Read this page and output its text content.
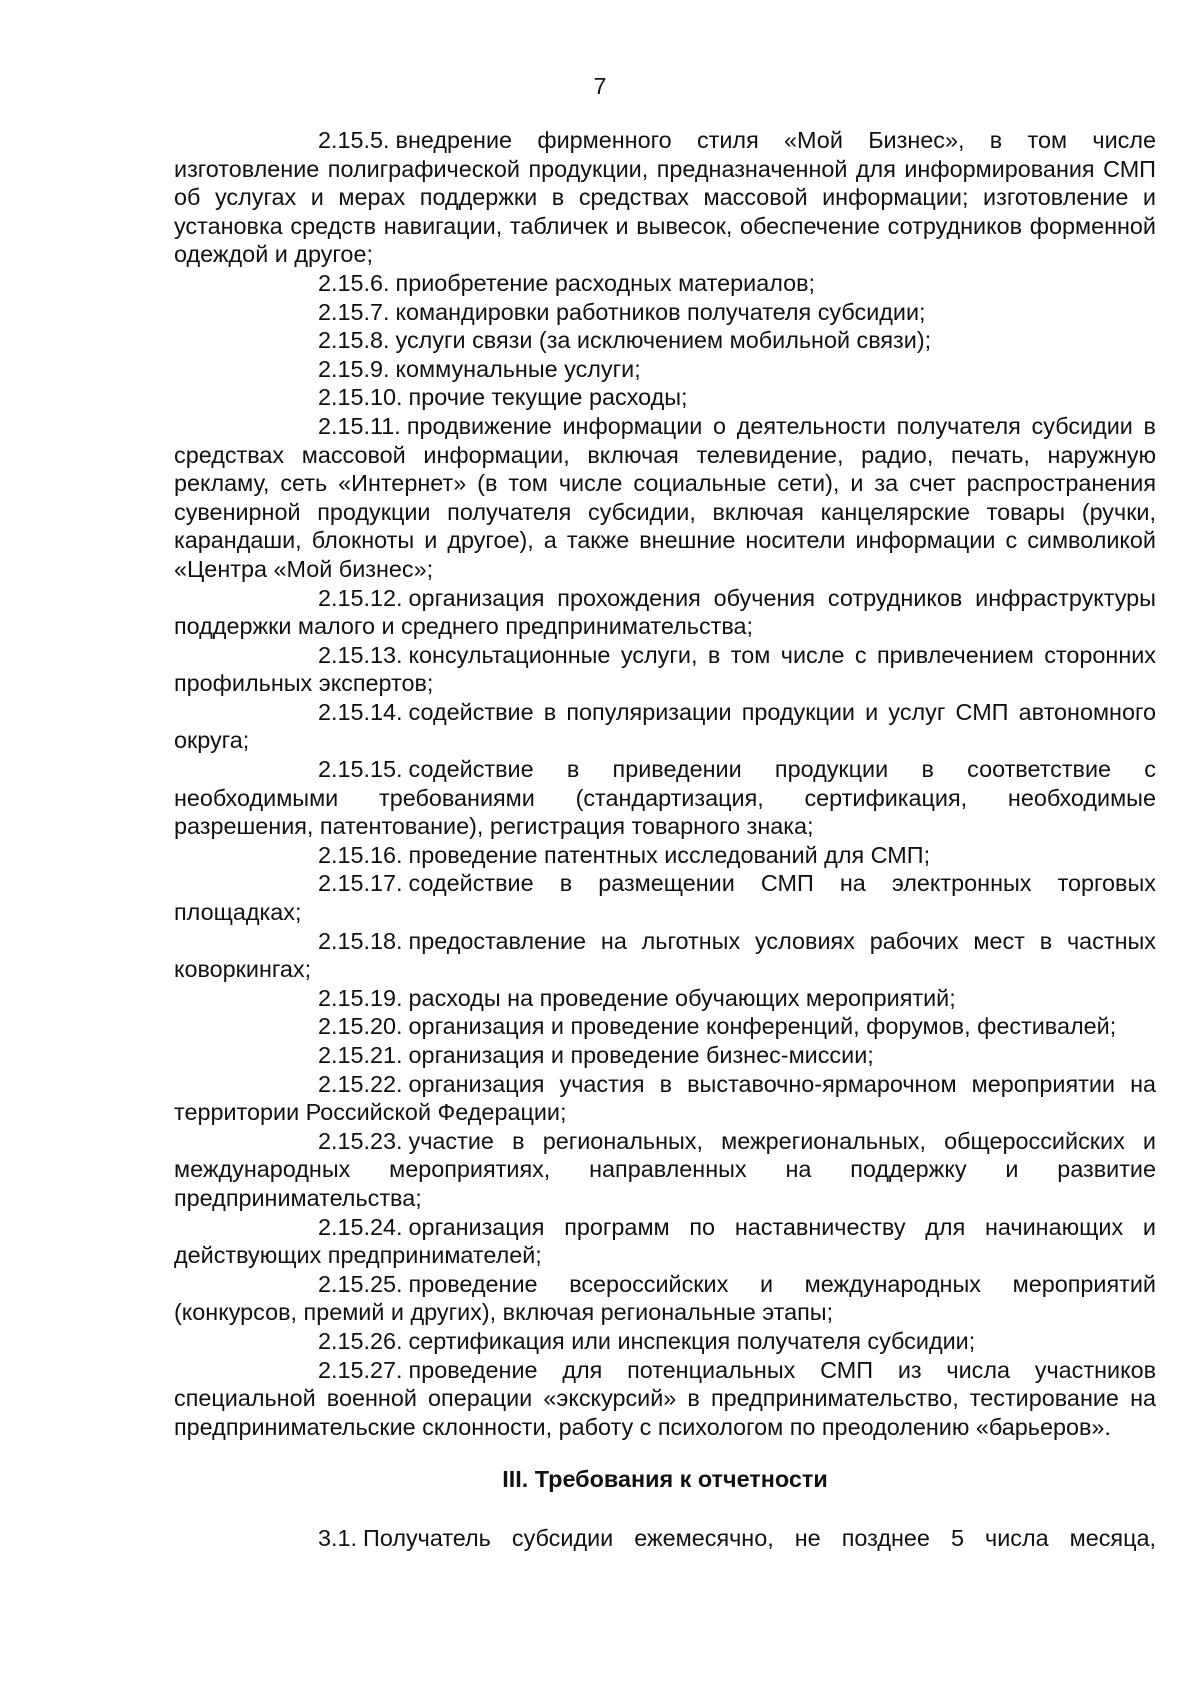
7

2.15.5. внедрение фирменного стиля «Мой Бизнес», в том числе изготовление полиграфической продукции, предназначенной для информирования СМП об услугах и мерах поддержки в средствах массовой информации; изготовление и установка средств навигации, табличек и вывесок, обеспечение сотрудников форменной одеждой и другое;

2.15.6. приобретение расходных материалов;

2.15.7. командировки работников получателя субсидии;

2.15.8. услуги связи (за исключением мобильной связи);

2.15.9. коммунальные услуги;

2.15.10. прочие текущие расходы;

2.15.11. продвижение информации о деятельности получателя субсидии в средствах массовой информации, включая телевидение, радио, печать, наружную рекламу, сеть «Интернет» (в том числе социальные сети), и за счет распространения сувенирной продукции получателя субсидии, включая канцелярские товары (ручки, карандаши, блокноты и другое), а также внешние носители информации с символикой «Центра «Мой бизнес»;

2.15.12. организация прохождения обучения сотрудников инфраструктуры поддержки малого и среднего предпринимательства;

2.15.13. консультационные услуги, в том числе с привлечением сторонних профильных экспертов;

2.15.14. содействие в популяризации продукции и услуг СМП автономного округа;

2.15.15. содействие в приведении продукции в соответствие с необходимыми требованиями (стандартизация, сертификация, необходимые разрешения, патентование), регистрация товарного знака;

2.15.16. проведение патентных исследований для СМП;

2.15.17. содействие в размещении СМП на электронных торговых площадках;

2.15.18. предоставление на льготных условиях рабочих мест в частных коворкингах;

2.15.19. расходы на проведение обучающих мероприятий;

2.15.20. организация и проведение конференций, форумов, фестивалей;

2.15.21. организация и проведение бизнес-миссии;

2.15.22. организация участия в выставочно-ярмарочном мероприятии на территории Российской Федерации;

2.15.23. участие в региональных, межрегиональных, общероссийских и международных мероприятиях, направленных на поддержку и развитие предпринимательства;

2.15.24. организация программ по наставничеству для начинающих и действующих предпринимателей;

2.15.25. проведение всероссийских и международных мероприятий (конкурсов, премий и других), включая региональные этапы;

2.15.26. сертификация или инспекция получателя субсидии;

2.15.27. проведение для потенциальных СМП из числа участников специальной военной операции «экскурсий» в предпринимательство, тестирование на предпринимательские склонности, работу с психологом по преодолению «барьеров».

III. Требования к отчетности

3.1. Получатель субсидии ежемесячно, не позднее 5 числа месяца,
